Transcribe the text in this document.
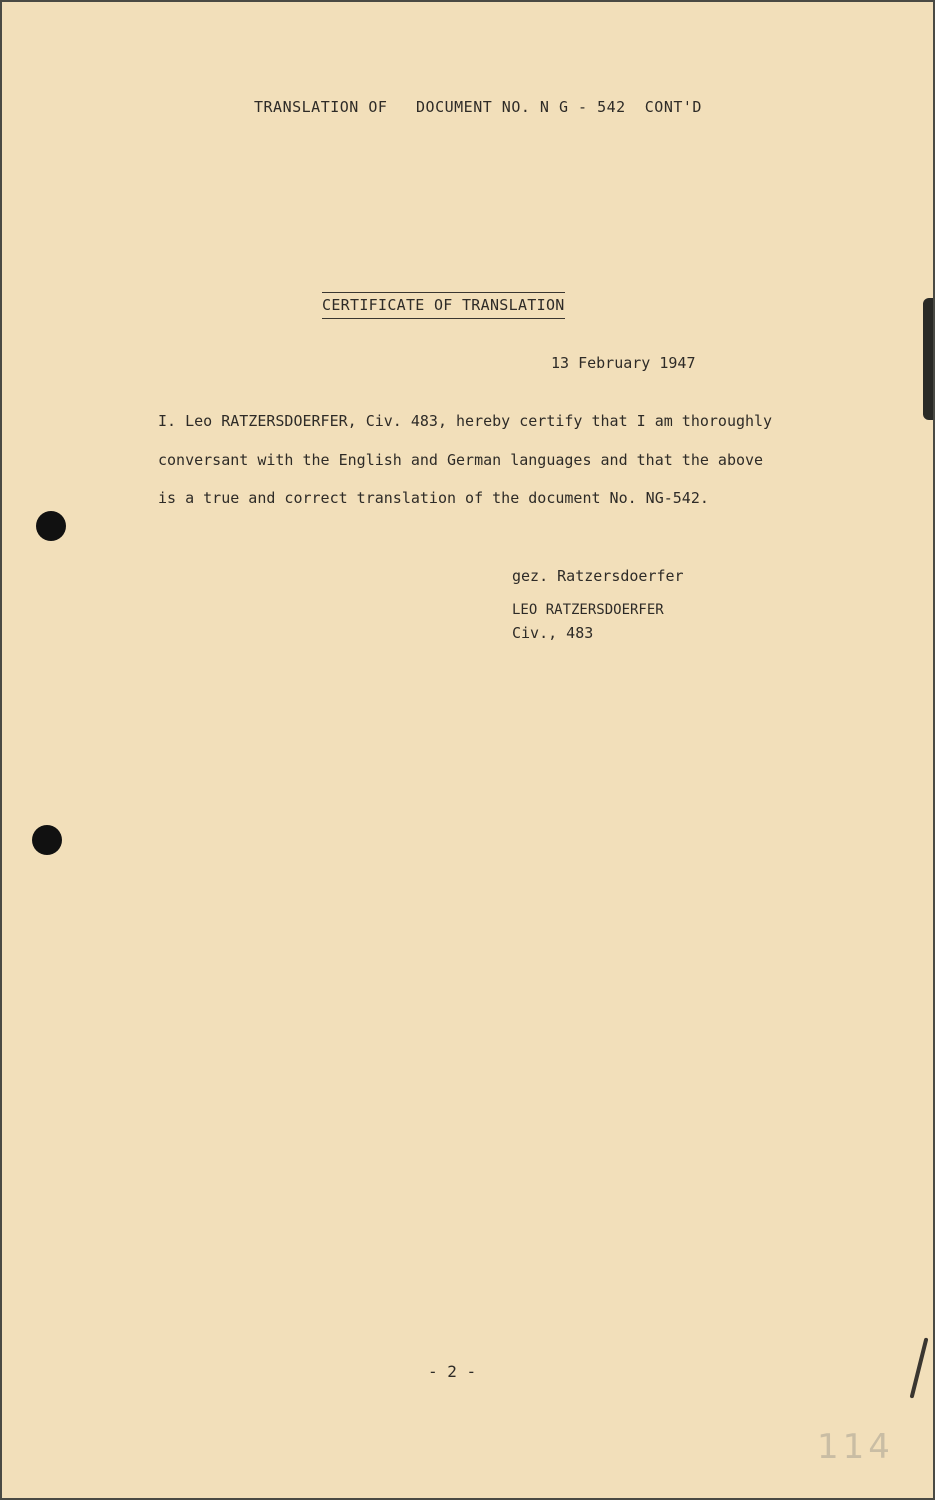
TRANSLATION OF   DOCUMENT NO. N G - 542  CONT'D
CERTIFICATE OF TRANSLATION
13 February 1947
I. Leo RATZERSDOERFER, Civ. 483, hereby certify that I am thoroughly
conversant with the English and German languages and that the above
is a true and correct translation of the document No. NG-542.
gez. Ratzersdoerfer
LEO RATZERSDOERFER
Civ., 483
- 2 -
114
